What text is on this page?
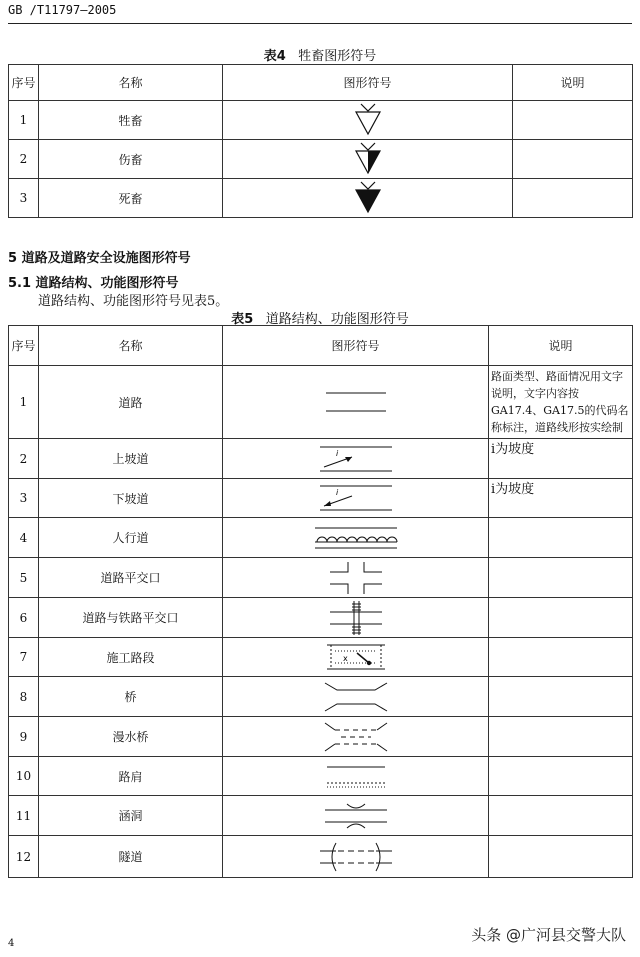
GB /T11797—2005
表4 牲畜图形符号
序号	名称	图形符号	说明
1	牲畜	

2	伤畜	

3	死畜	

5 道路及道路安全设施图形符号
5.1 道路结构、功能图形符号
道路结构、功能图形符号见表5。
表5 道路结构、功能图形符号
序号	名称	图形符号	说明
1	道路		路面类型、路面情况用文字说明，文字内容按GA17.4、GA17.5的代码名称标注，道路线形按实绘制
2	上坡道	i	i为坡度
3	下坡道	i	i为坡度
4	人行道	

5	道路平交口	

6	道路与铁路平交口	

7	施工路段	x	

8	桥	

9	漫水桥	

10	路肩	

11	涵洞	

12	隧道	

4	头条 @广河县交警大队
